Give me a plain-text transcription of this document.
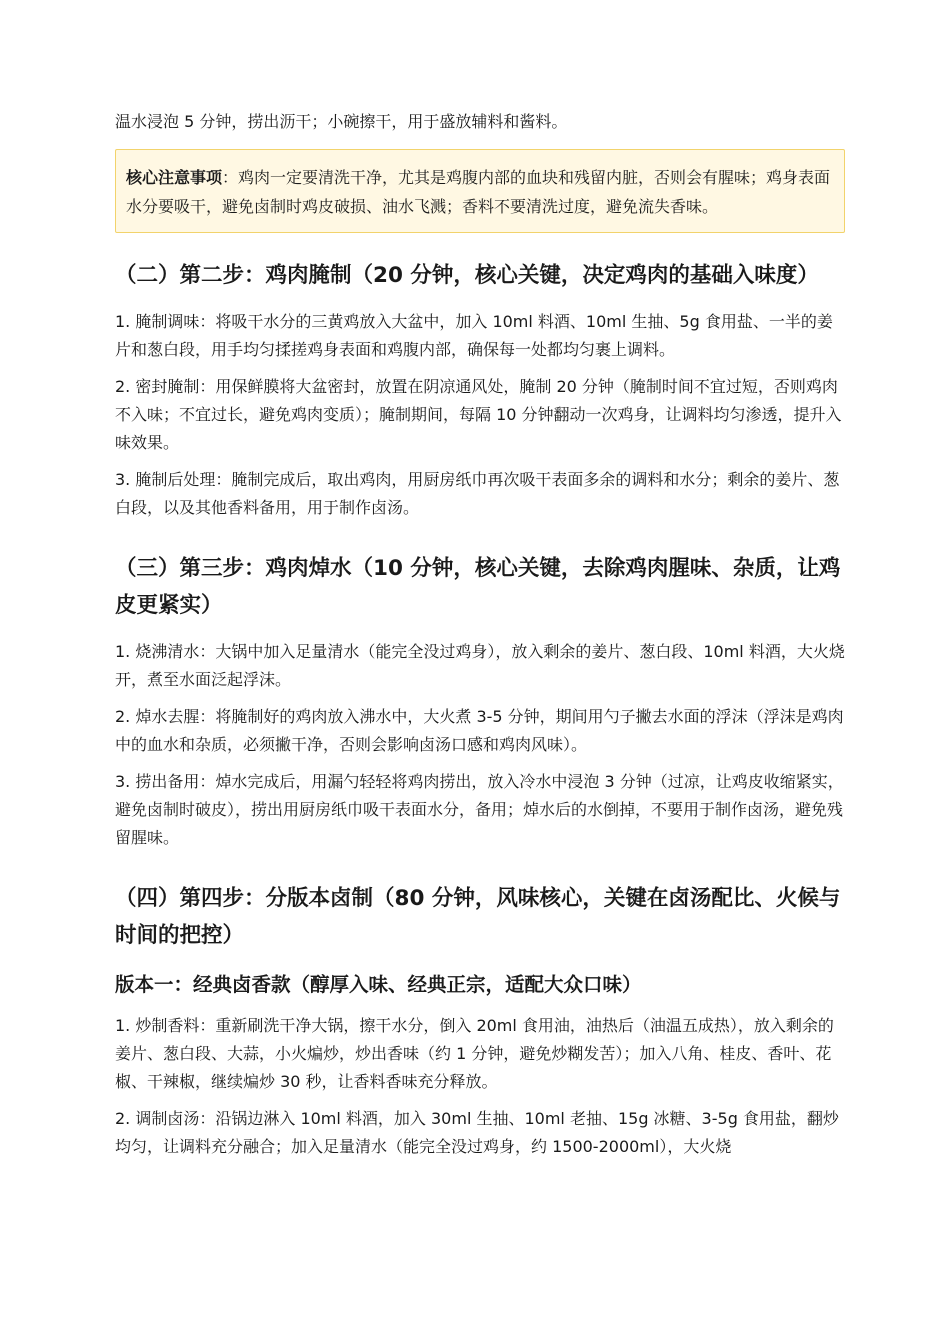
温水浸泡 5 分钟，捞出沥干；小碗擦干，用于盛放辅料和酱料。

核心注意事项：鸡肉一定要清洗干净，尤其是鸡腹内部的血块和残留内脏，否则会有腥味；鸡身表面水分要吸干，避免卤制时鸡皮破损、油水飞溅；香料不要清洗过度，避免流失香味。

（二）第二步：鸡肉腌制（20 分钟，核心关键，决定鸡肉的基础入味度）

1. 腌制调味：将吸干水分的三黄鸡放入大盆中，加入 10ml 料酒、10ml 生抽、5g 食用盐、一半的姜片和葱白段，用手均匀揉搓鸡身表面和鸡腹内部，确保每一处都均匀裹上调料。

2. 密封腌制：用保鲜膜将大盆密封，放置在阴凉通风处，腌制 20 分钟（腌制时间不宜过短，否则鸡肉不入味；不宜过长，避免鸡肉变质）；腌制期间，每隔 10 分钟翻动一次鸡身，让调料均匀渗透，提升入味效果。

3. 腌制后处理：腌制完成后，取出鸡肉，用厨房纸巾再次吸干表面多余的调料和水分；剩余的姜片、葱白段，以及其他香料备用，用于制作卤汤。

（三）第三步：鸡肉焯水（10 分钟，核心关键，去除鸡肉腥味、杂质，让鸡皮更紧实）

1. 烧沸清水：大锅中加入足量清水（能完全没过鸡身），放入剩余的姜片、葱白段、10ml 料酒，大火烧开，煮至水面泛起浮沫。

2. 焯水去腥：将腌制好的鸡肉放入沸水中，大火煮 3-5 分钟，期间用勺子撇去水面的浮沫（浮沫是鸡肉中的血水和杂质，必须撇干净，否则会影响卤汤口感和鸡肉风味）。

3. 捞出备用：焯水完成后，用漏勺轻轻将鸡肉捞出，放入冷水中浸泡 3 分钟（过凉，让鸡皮收缩紧实，避免卤制时破皮），捞出用厨房纸巾吸干表面水分，备用；焯水后的水倒掉，不要用于制作卤汤，避免残留腥味。

（四）第四步：分版本卤制（80 分钟，风味核心，关键在卤汤配比、火候与时间的把控）
版本一：经典卤香款（醇厚入味、经典正宗，适配大众口味）

1. 炒制香料：重新刷洗干净大锅，擦干水分，倒入 20ml 食用油，油热后（油温五成热），放入剩余的姜片、葱白段、大蒜，小火煸炒，炒出香味（约 1 分钟，避免炒糊发苦）；加入八角、桂皮、香叶、花椒、干辣椒，继续煸炒 30 秒，让香料香味充分释放。

2. 调制卤汤：沿锅边淋入 10ml 料酒，加入 30ml 生抽、10ml 老抽、15g 冰糖、3-5g 食用盐，翻炒均匀，让调料充分融合；加入足量清水（能完全没过鸡身，约 1500-2000ml），大火烧
